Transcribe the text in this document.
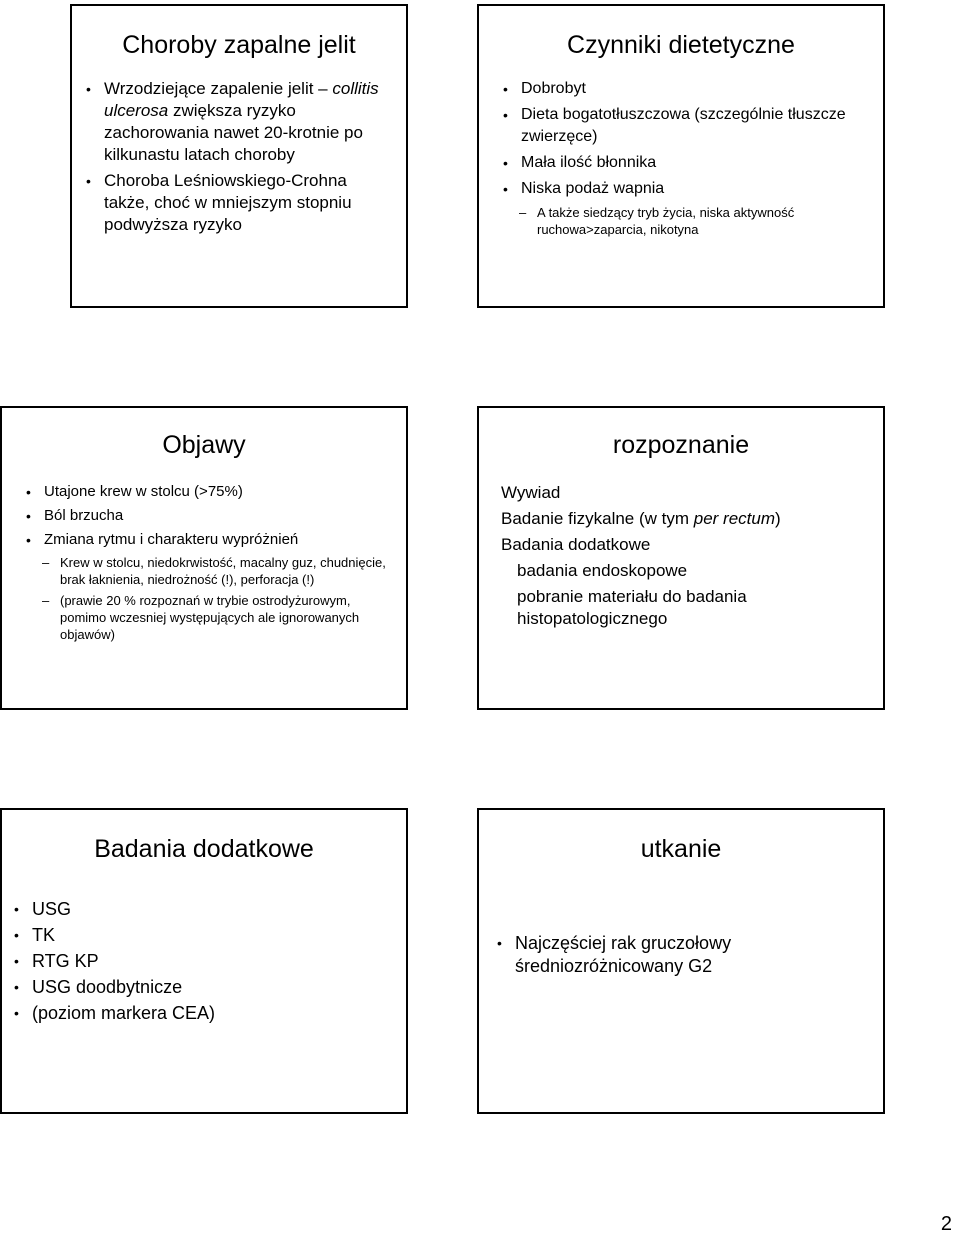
Choroby zapalne jelit
• Wrzodziejące zapalenie jelit – collitis ulcerosa zwiększa ryzyko zachorowania nawet 20-krotnie po kilkunastu latach choroby
• Choroba Leśniowskiego-Crohna także, choć w mniejszym stopniu podwyższa ryzyko
Czynniki dietetyczne
• Dobrobyt
• Dieta bogatotłuszczowa (szczególnie tłuszcze zwierzęce)
• Mała ilość błonnika
• Niska podaż wapnia
– A także siedzący tryb życia, niska aktywność ruchowa>zaparcia, nikotyna
Objawy
• Utajone krew w stolcu (>75%)
• Ból brzucha
• Zmiana rytmu i charakteru wypróżnień
– Krew w stolcu, niedokrwistość, macalny guz, chudnięcie, brak łaknienia, niedrożność (!), perforacja (!)
– (prawie 20 % rozpoznań w trybie ostrodyżurowym, pomimo wczesniej występujących ale ignorowanych objawów)
rozpoznanie
Wywiad
Badanie fizykalne (w tym per rectum)
Badania dodatkowe
badania endoskopowe
pobranie materiału do badania histopatologicznego
Badania dodatkowe
• USG
• TK
• RTG KP
• USG doodbytnicze
• (poziom markera CEA)
utkanie
• Najczęściej rak gruczołowy średniozróżnicowany G2
2
